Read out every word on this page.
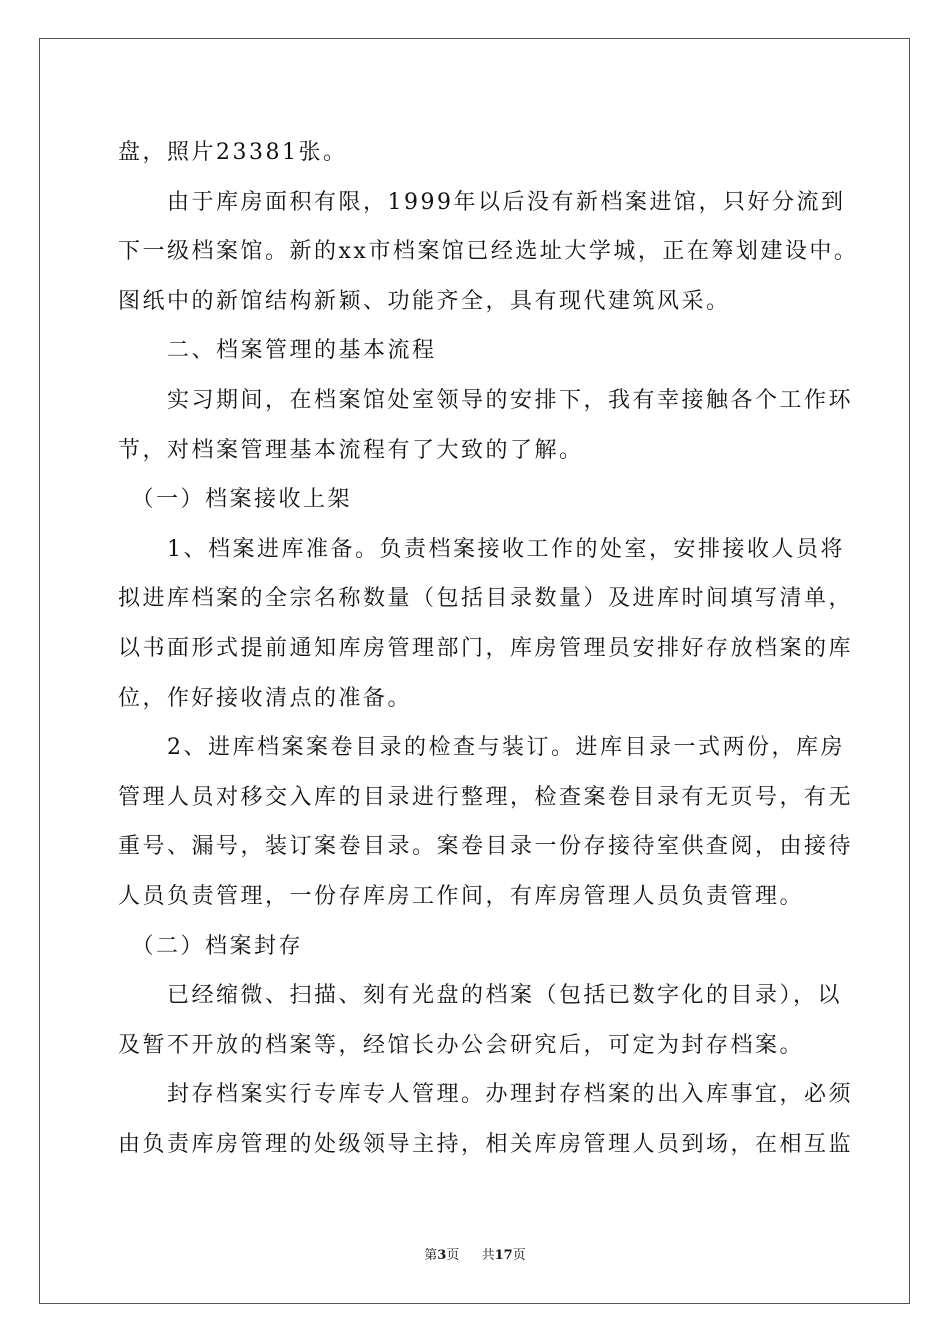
盘，照片23381张。
　　由于库房面积有限，1999年以后没有新档案进馆，只好分流到
下一级档案馆。新的xx市档案馆已经选址大学城，正在筹划建设中。
图纸中的新馆结构新颖、功能齐全，具有现代建筑风采。
　　二、档案管理的基本流程
　　实习期间，在档案馆处室领导的安排下，我有幸接触各个工作环
节，对档案管理基本流程有了大致的了解。
　（一）档案接收上架
　　1、档案进库准备。负责档案接收工作的处室，安排接收人员将
拟进库档案的全宗名称数量（包括目录数量）及进库时间填写清单，
以书面形式提前通知库房管理部门，库房管理员安排好存放档案的库
位，作好接收清点的准备。
　　2、进库档案案卷目录的检查与装订。进库目录一式两份，库房
管理人员对移交入库的目录进行整理，检查案卷目录有无页号，有无
重号、漏号，装订案卷目录。案卷目录一份存接待室供查阅，由接待
人员负责管理，一份存库房工作间，有库房管理人员负责管理。
　（二）档案封存
　　已经缩微、扫描、刻有光盘的档案（包括已数字化的目录），以
及暂不开放的档案等，经馆长办公会研究后，可定为封存档案。
　　封存档案实行专库专人管理。办理封存档案的出入库事宜，必须
由负责库房管理的处级领导主持，相关库房管理人员到场，在相互监
第3页 共17页
